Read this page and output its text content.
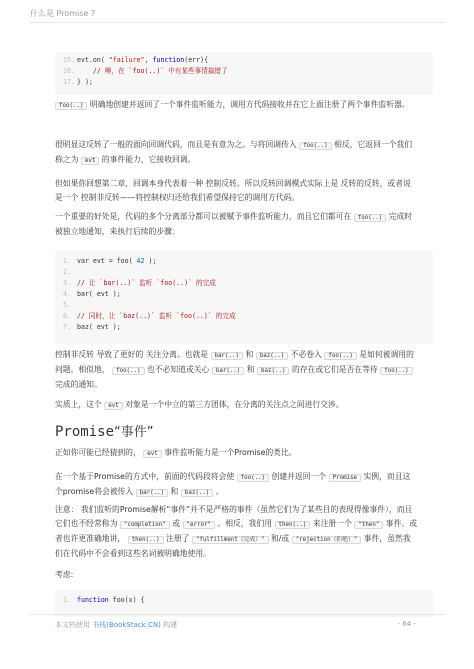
什么是 Promise ?
15. evt.on( "failure", function(err){
16.	// 噢，在 `foo(..)` 中有某些事情搞错了
17. } );

foo(..) 明确地创建并返回了一个事件监听能力，调用方代码接收并在它上面注册了两个事件监听器。

很明显这反转了一般的面向回调代码，而且是有意为之。与将回调传入 foo(..) 相反，它返回一个我们称之为 evt 的事件能力，它接收回调。

但如果你回想第二章，回调本身代表着一种 控制反转。所以反转回调模式实际上是 反转的反转，或者说是一个 控制非反转——将控制权归还给我们希望保持它的调用方代码。

一个重要的好处是，代码的多个分离部分都可以被赋予事件监听能力，而且它们都可在 foo(..) 完成时被独立地通知，来执行后续的步骤：

1. var evt = foo( 42 );
2.
3. // 让 `bar(..)` 监听 `foo(..)` 的完成
4. bar( evt );
5.
6. // 同时，让 `baz(..)` 监听 `foo(..)` 的完成
7. baz( evt );

控制非反转 导致了更好的 关注分离。也就是 bar(..) 和 baz(..) 不必卷入 foo(..) 是如何被调用的问题。相似地， foo(..) 也不必知道或关心 bar(..) 和 baz(..) 的存在或它们是否在等待 foo(..) 完成的通知。

实质上，这个 evt 对象是一个中立的第三方团体，在分离的关注点之间进行交涉。

Promise“事件”

正如你可能已经猜到的， evt 事件监听能力是一个Promise的类比。

在一个基于Promise的方式中，前面的代码段将会使 foo(..) 创建并返回一个 Promise 实例，而且这个promise将会被传入 bar(..) 和 baz(..) 。

注意： 我们监听的Promise解析“事件”并不是严格的事件（虽然它们为了某些目的表现得像事件），而且它们也不经常称为 "completion" 或 "error" 。相反，我们用 then(..) 来注册一个 "then" 事件。或者也许更准确地讲， then(..) 注册了 "fulfillment（完成）" 和/或 "rejection（拒绝）" 事件，虽然我们在代码中不会看到这些名词被明确地使用。

考虑:

1. function foo(x) {
本文档使用 书栈(BookStack.CN) 构建	- 64 -
